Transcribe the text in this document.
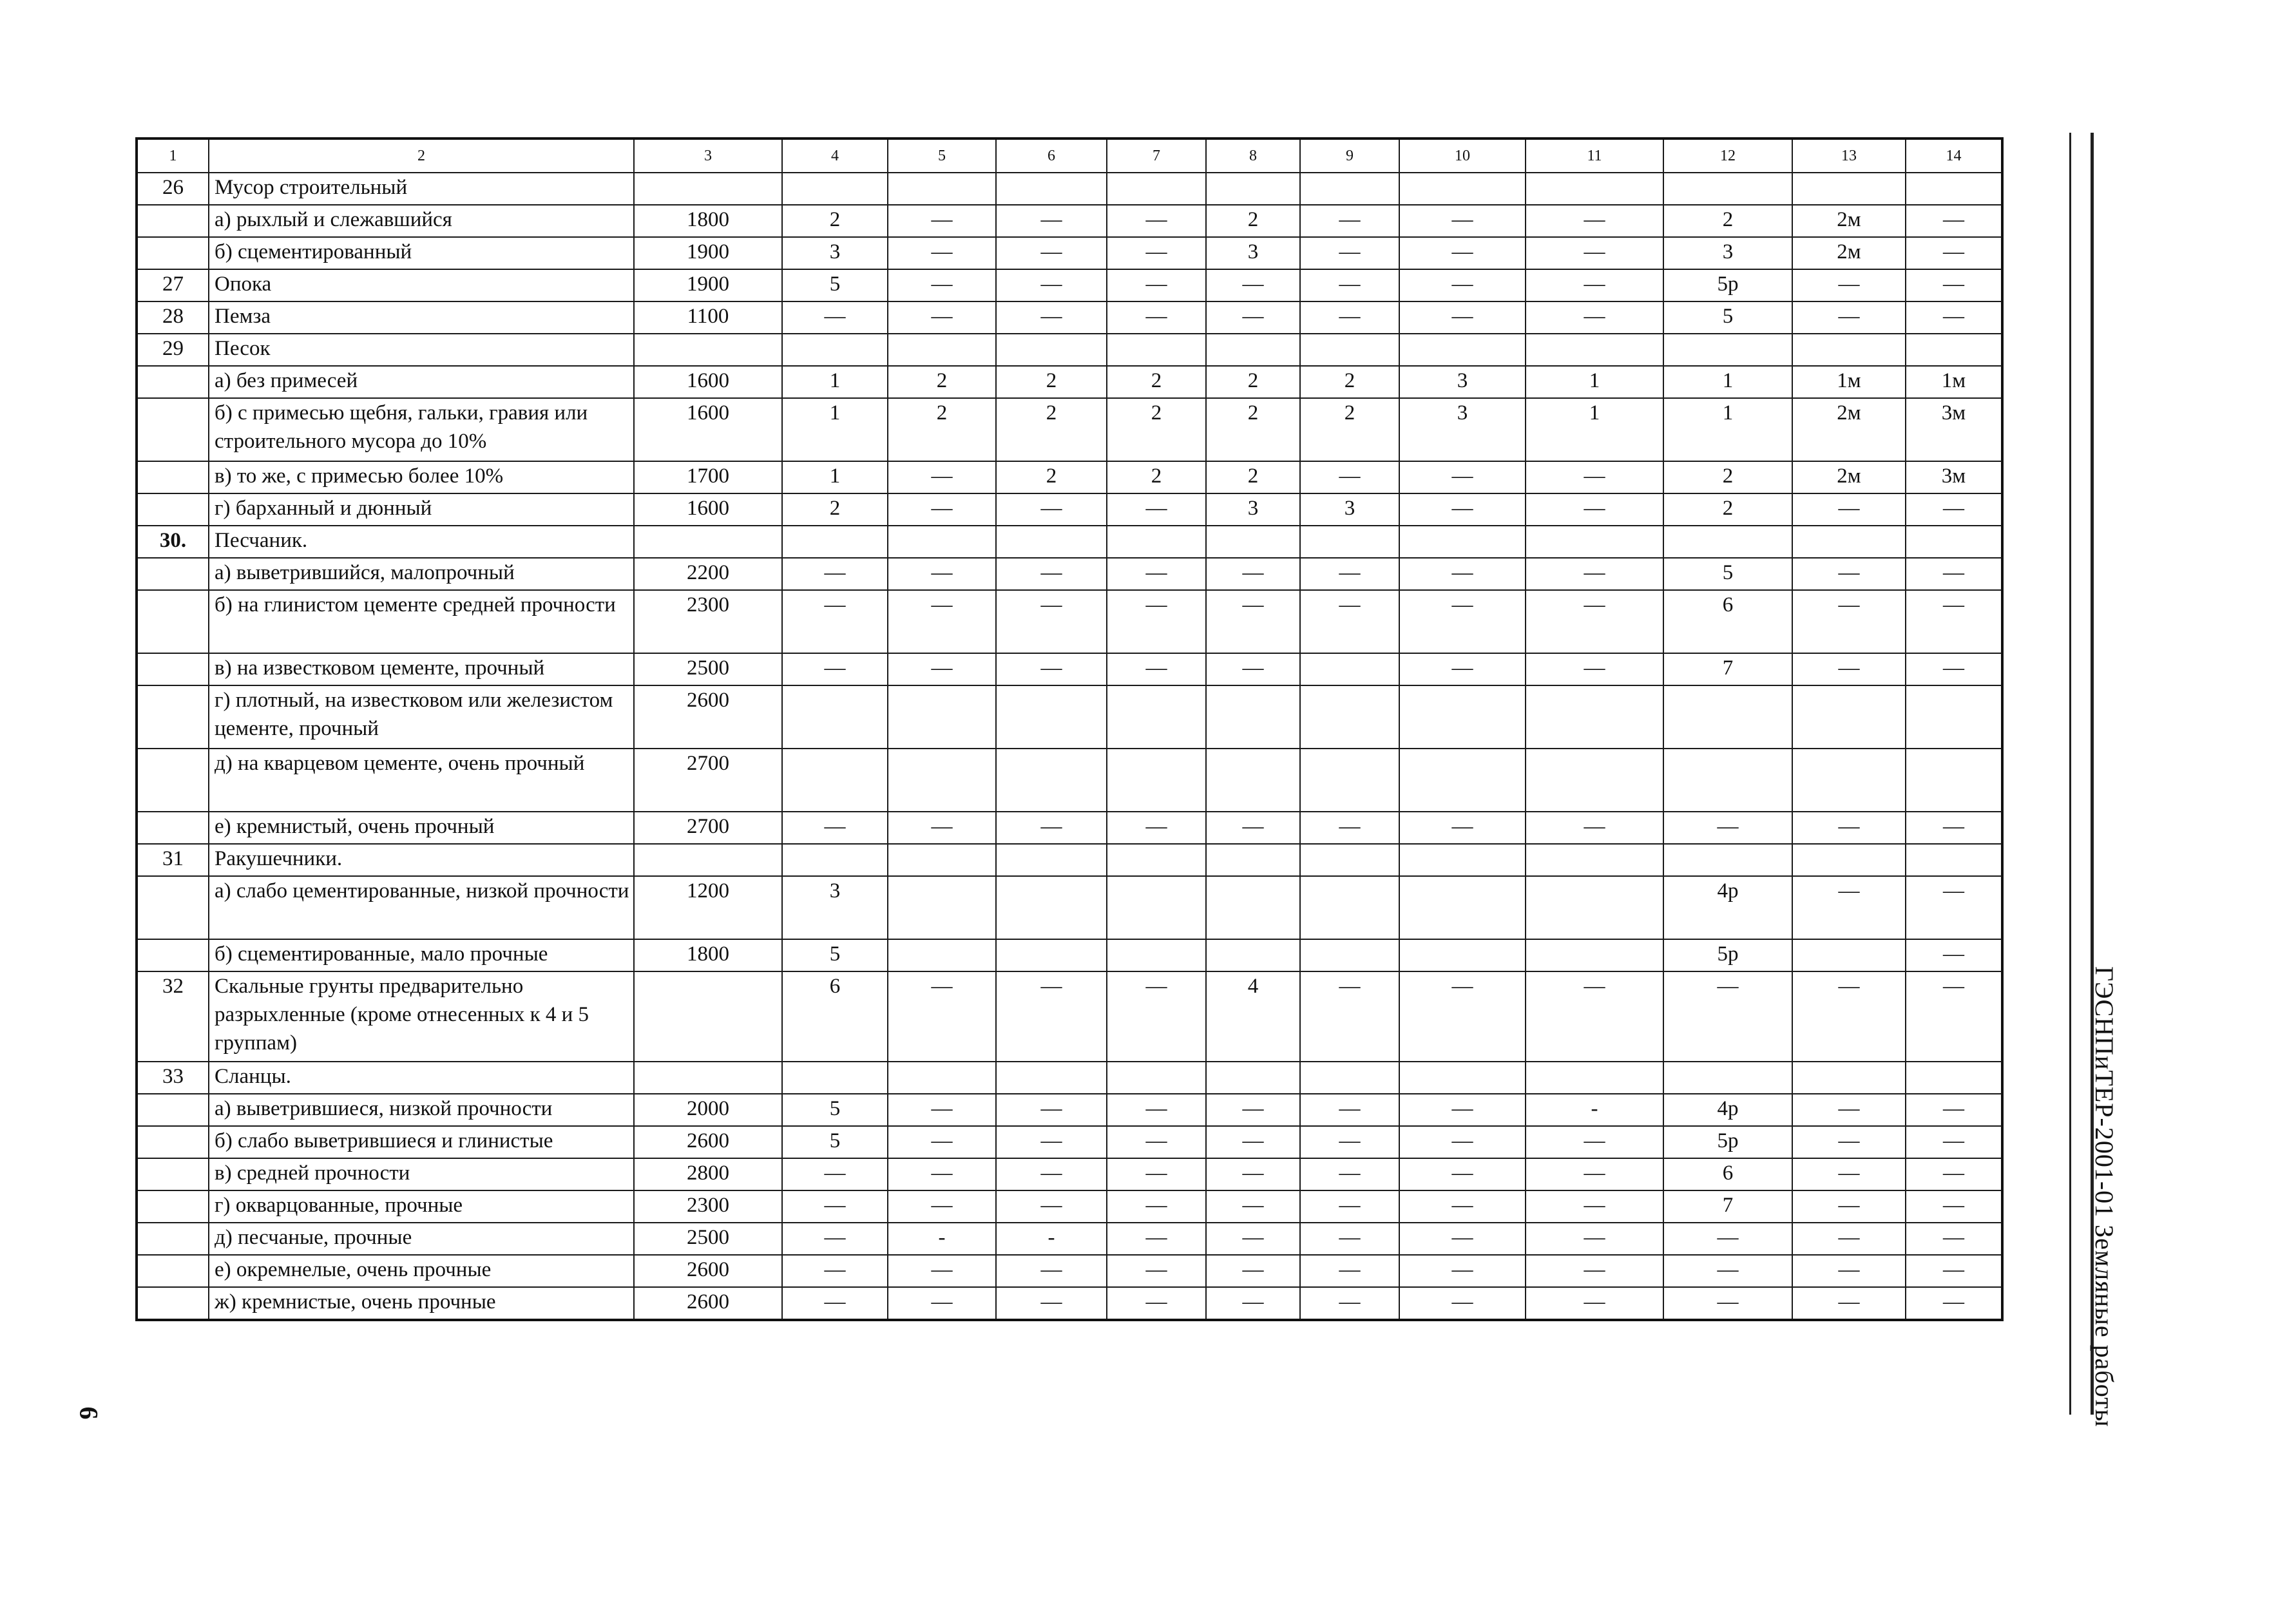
1	2	3	4	5	6	7	8	9	10	11	12	13	14
26	Мусор строительный												
	а) рыхлый и слежавшийся	1800	2	—	—	—	2	—	—	—	2	2м	—
	б) сцементированный	1900	3	—	—	—	3	—	—	—	3	2м	—
27	Опока	1900	5	—	—	—	—	—	—	—	5р	—	—
28	Пемза	1100	—	—	—	—	—	—	—	—	5	—	—
29	Песок												
	а) без примесей	1600	1	2	2	2	2	2	3	1	1	1м	1м
	б) с примесью щебня, гальки, гравия или строительного мусора до 10%	1600	1	2	2	2	2	2	3	1	1	2м	3м
	в) то же, с примесью более 10%	1700	1	—	2	2	2	—	—	—	2	2м	3м
	г) барханный и дюнный	1600	2	—	—	—	3	3	—	—	2	—	—
30.	Песчаник.												
	а) выветрившийся, малопрочный	2200	—	—	—	—	—	—	—	—	5	—	—
	б) на глинистом цементе средней прочности	2300	—	—	—	—	—	—	—	—	6	—	—
	в) на известковом цементе, прочный	2500	—	—	—	—	—		—	—	7	—	—
	г) плотный, на известковом или железистом цементе, прочный	2600											
	д) на кварцевом цементе, очень прочный	2700											
	е) кремнистый, очень прочный	2700	—	—	—	—	—	—	—	—	—	—	—
31	Ракушечники.												
	а) слабо цементированные, низкой прочности	1200	3								4р	—	—
	б) сцементированные, мало прочные	1800	5								5р		—
32	Скальные грунты предварительно разрыхленные (кроме отнесенных к 4 и 5 группам)		6	—	—	—	4	—	—	—	—	—	—
33	Сланцы.												
	а) выветрившиеся, низкой прочности	2000	5	—	—	—	—	—	—	-	4р	—	—
	б) слабо выветрившиеся и глинистые	2600	5	—	—	—	—	—	—	—	5р	—	—
	в) средней прочности	2800	—	—	—	—	—	—	—	—	6	—	—
	г) окварцованные, прочные	2300	—	—	—	—	—	—	—	—	7	—	—
	д) песчаные, прочные	2500	—	-	-	—	—	—	—	—	—	—	—
	е) окремнелые, очень прочные	2600	—	—	—	—	—	—	—	—	—	—	—
	ж) кремнистые, очень прочные	2600	—	—	—	—	—	—	—	—	—	—	—	ГЭСНПиТЕР-2001-01 Земляные работы
6
